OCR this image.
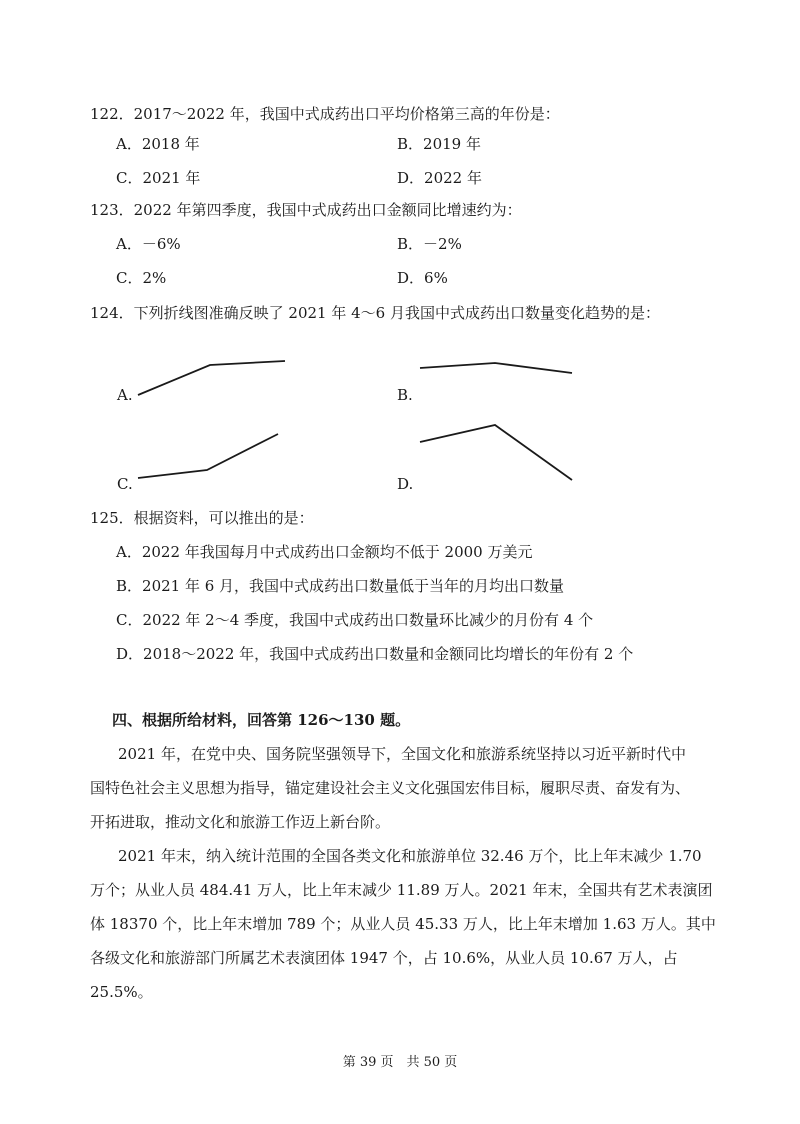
122．2017～2022 年，我国中式成药出口平均价格第三高的年份是：
A．2018 年	B．2019 年
C．2021 年	D．2022 年
123．2022 年第四季度，我国中式成药出口金额同比增速约为：
A．－6%	B．－2%
C．2%	D．6%
124．下列折线图准确反映了 2021 年 4～6 月我国中式成药出口数量变化趋势的是：
A.	B.
C.	D.
125．根据资料，可以推出的是：
A．2022 年我国每月中式成药出口金额均不低于 2000 万美元
B．2021 年 6 月，我国中式成药出口数量低于当年的月均出口数量
C．2022 年 2～4 季度，我国中式成药出口数量环比减少的月份有 4 个
D．2018～2022 年，我国中式成药出口数量和金额同比均增长的年份有 2 个
四、根据所给材料，回答第 126～130 题。
2021 年，在党中央、国务院坚强领导下，全国文化和旅游系统坚持以习近平新时代中
国特色社会主义思想为指导，锚定建设社会主义文化强国宏伟目标，履职尽责、奋发有为、
开拓进取，推动文化和旅游工作迈上新台阶。
2021 年末，纳入统计范围的全国各类文化和旅游单位 32.46 万个，比上年末减少 1.70
万个；从业人员 484.41 万人，比上年末减少 11.89 万人。2021 年末，全国共有艺术表演团
体 18370 个，比上年末增加 789 个；从业人员 45.33 万人，比上年末增加 1.63 万人。其中
各级文化和旅游部门所属艺术表演团体 1947 个，占 10.6%，从业人员 10.67 万人，占
25.5%。
第 39 页　共 50 页
